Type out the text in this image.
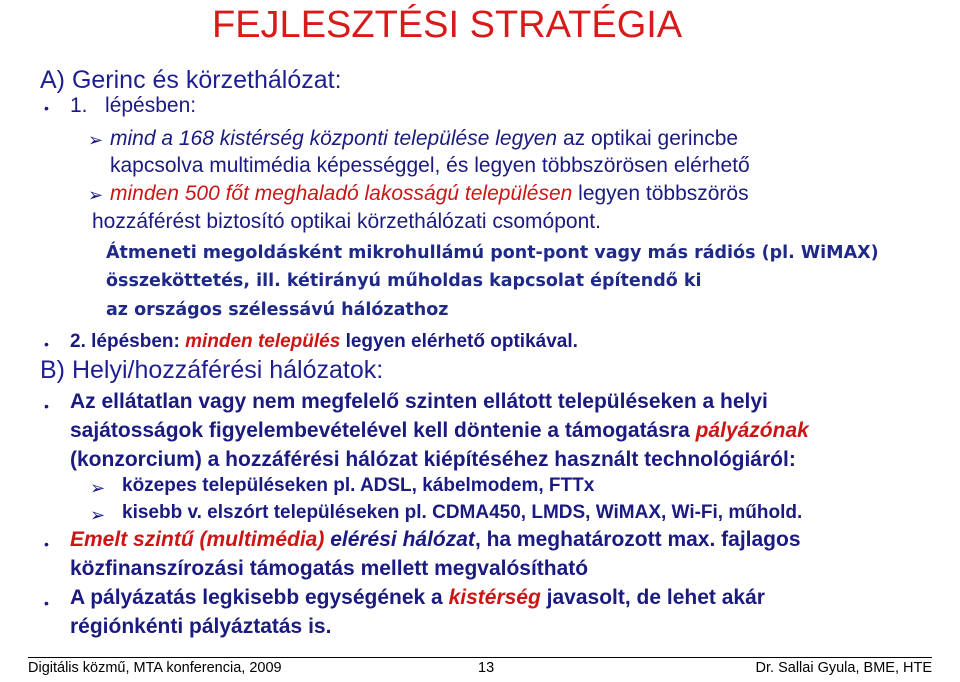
FEJLESZTÉSI STRATÉGIA
A) Gerinc és körzethálózat:
• 1. lépésben:
➢ mind a 168 kistérség központi települése legyen az optikai gerincbe
kapcsolva multimédia képességgel, és legyen többszörösen elérhető
➢ minden 500 főt meghaladó lakosságú településen legyen többszörös
hozzáférést biztosító optikai körzethálózati csomópont.
Átmeneti megoldásként mikrohullámú pont-pont vagy más rádiós (pl. WiMAX)
összeköttetés, ill. kétirányú műholdas kapcsolat építendő ki
az országos szélessávú hálózathoz
• 2. lépésben: minden település legyen elérhető optikával.
B) Helyi/hozzáférési hálózatok:
• Az ellátatlan vagy nem megfelelő szinten ellátott településeken a helyi
sajátosságok figyelembevételével kell döntenie a támogatásra pályázónak
(konzorcium) a hozzáférési hálózat kiépítéséhez használt technológiáról:
➢ közepes településeken pl. ADSL, kábelmodem, FTTx
➢ kisebb v. elszórt településeken pl. CDMA450, LMDS, WiMAX, Wi-Fi, műhold.
• Emelt szintű (multimédia) elérési hálózat, ha meghatározott max. fajlagos
közfinanszírozási támogatás mellett megvalósítható
• A pályázatás legkisebb egységének a kistérség javasolt, de lehet akár
régiónkénti pályáztatás is.
Digitális közmű, MTA konferencia, 2009	13	Dr. Sallai Gyula, BME, HTE
